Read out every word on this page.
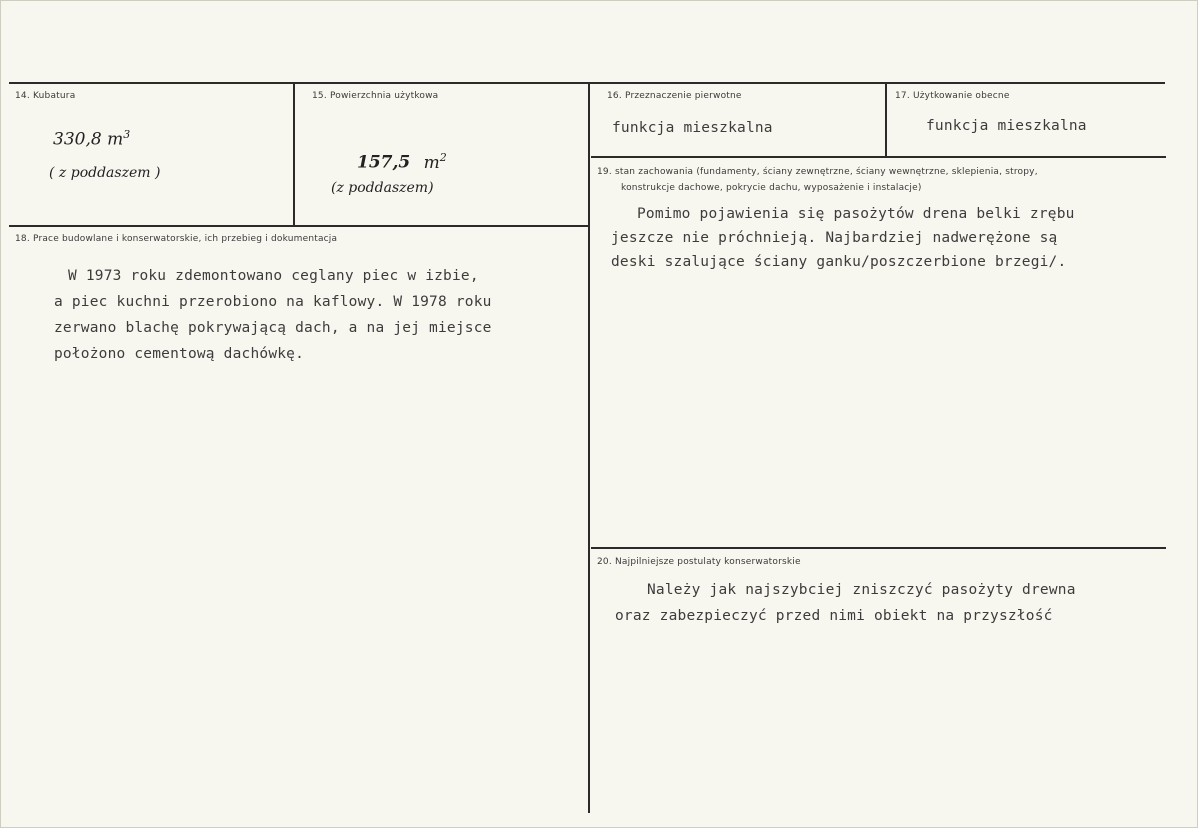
14. Kubatura
330,8 $m^3$
( z poddaszem )
15. Powierzchnia użytkowa
157,5 $m^2$
(z poddaszem)
16. Przeznaczenie pierwotne
funkcja mieszkalna
17. Użytkowanie obecne
funkcja mieszkalna
18. Prace budowlane i konserwatorskie, ich przebieg i dokumentacja

W 1973 roku zdemontowano ceglany piec w izbie,

a piec kuchni przerobiono na kaflowy. W 1978 roku

zerwano blachę pokrywającą dach, a na jej miejsce

położono cementową dachówkę.

19. stan zachowania (fundamenty, ściany zewnętrzne, ściany wewnętrzne, sklepienia, stropy,
konstrukcje dachowe, pokrycie dachu, wyposażenie i instalacje)

Pomimo pojawienia się pasożytów drena belki zrębu

jeszcze nie próchnieją. Najbardziej nadwerężone są

deski szalujące ściany ganku/poszczerbione brzegi/.

20. Najpilniejsze postulaty konserwatorskie

Należy jak najszybciej zniszczyć pasożyty drewna

oraz zabezpieczyć przed nimi obiekt na przyszłość
